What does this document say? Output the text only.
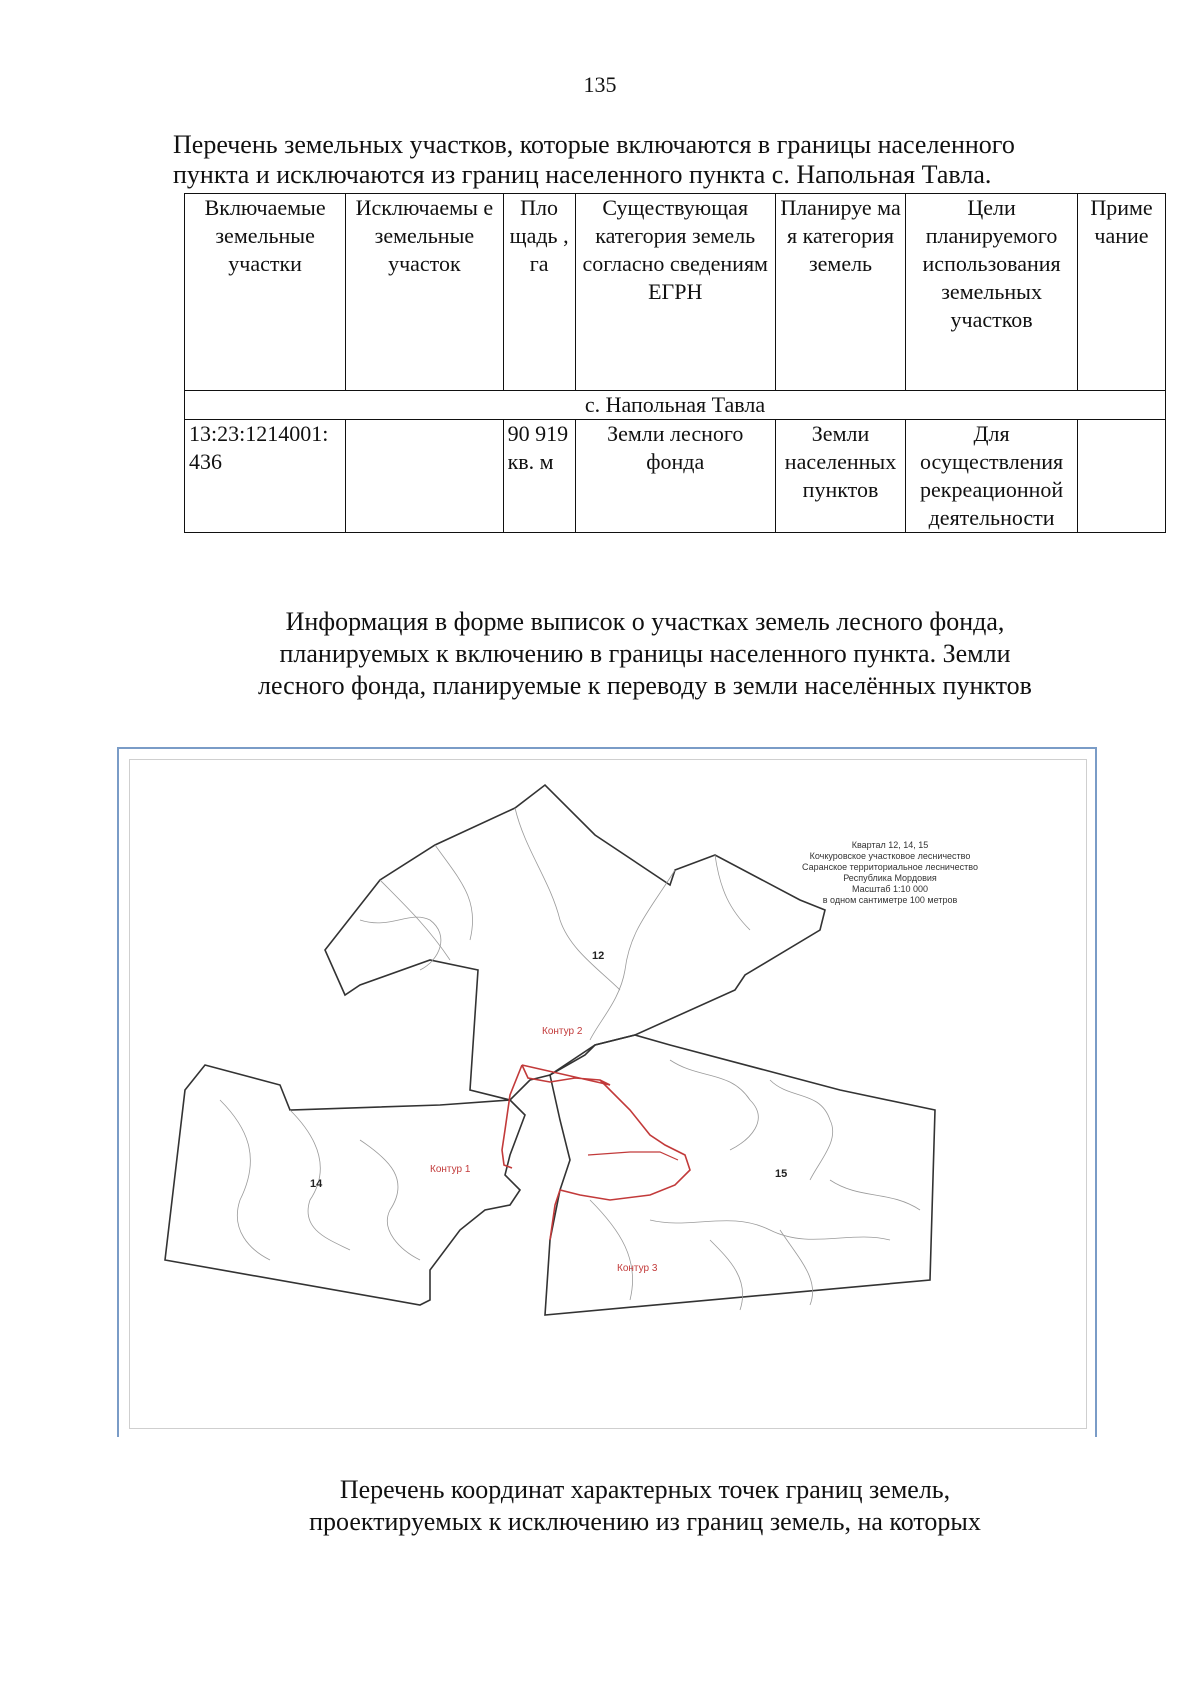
135
Перечень земельных участков, которые включаются в границы населенного
пункта и исключаются из границ населенного пункта с. Напольная Тавла.
Включаемые земельные участки	Исключаемы е земельные участок	Пло щадь , га	Существующая категория земель согласно сведениям ЕГРН	Планируе ма я категория земель	Цели планируемого использования земельных участков	Приме чание
с. Напольная Тавла						
13:23:1214001: 436		90 919 кв. м	Земли лесного фонда	Земли населенных пунктов	Для осуществления рекреационной деятельности	
Информация в форме выписок о участках земель лесного фонда,
планируемых к включению в границы населенного пункта. Земли
лесного фонда, планируемые к переводу в земли населённых пунктов
Квартал 12, 14, 15
Кочкуровское участковое лесничество
Саранское территориальное лесничество
Республика Мордовия
Масштаб 1:10 000
в одном сантиметре 100 метров
12
14
15
Контур 1
Контур 2
Контур 3
Перечень координат характерных точек границ земель,
проектируемых к исключению из границ земель, на которых
